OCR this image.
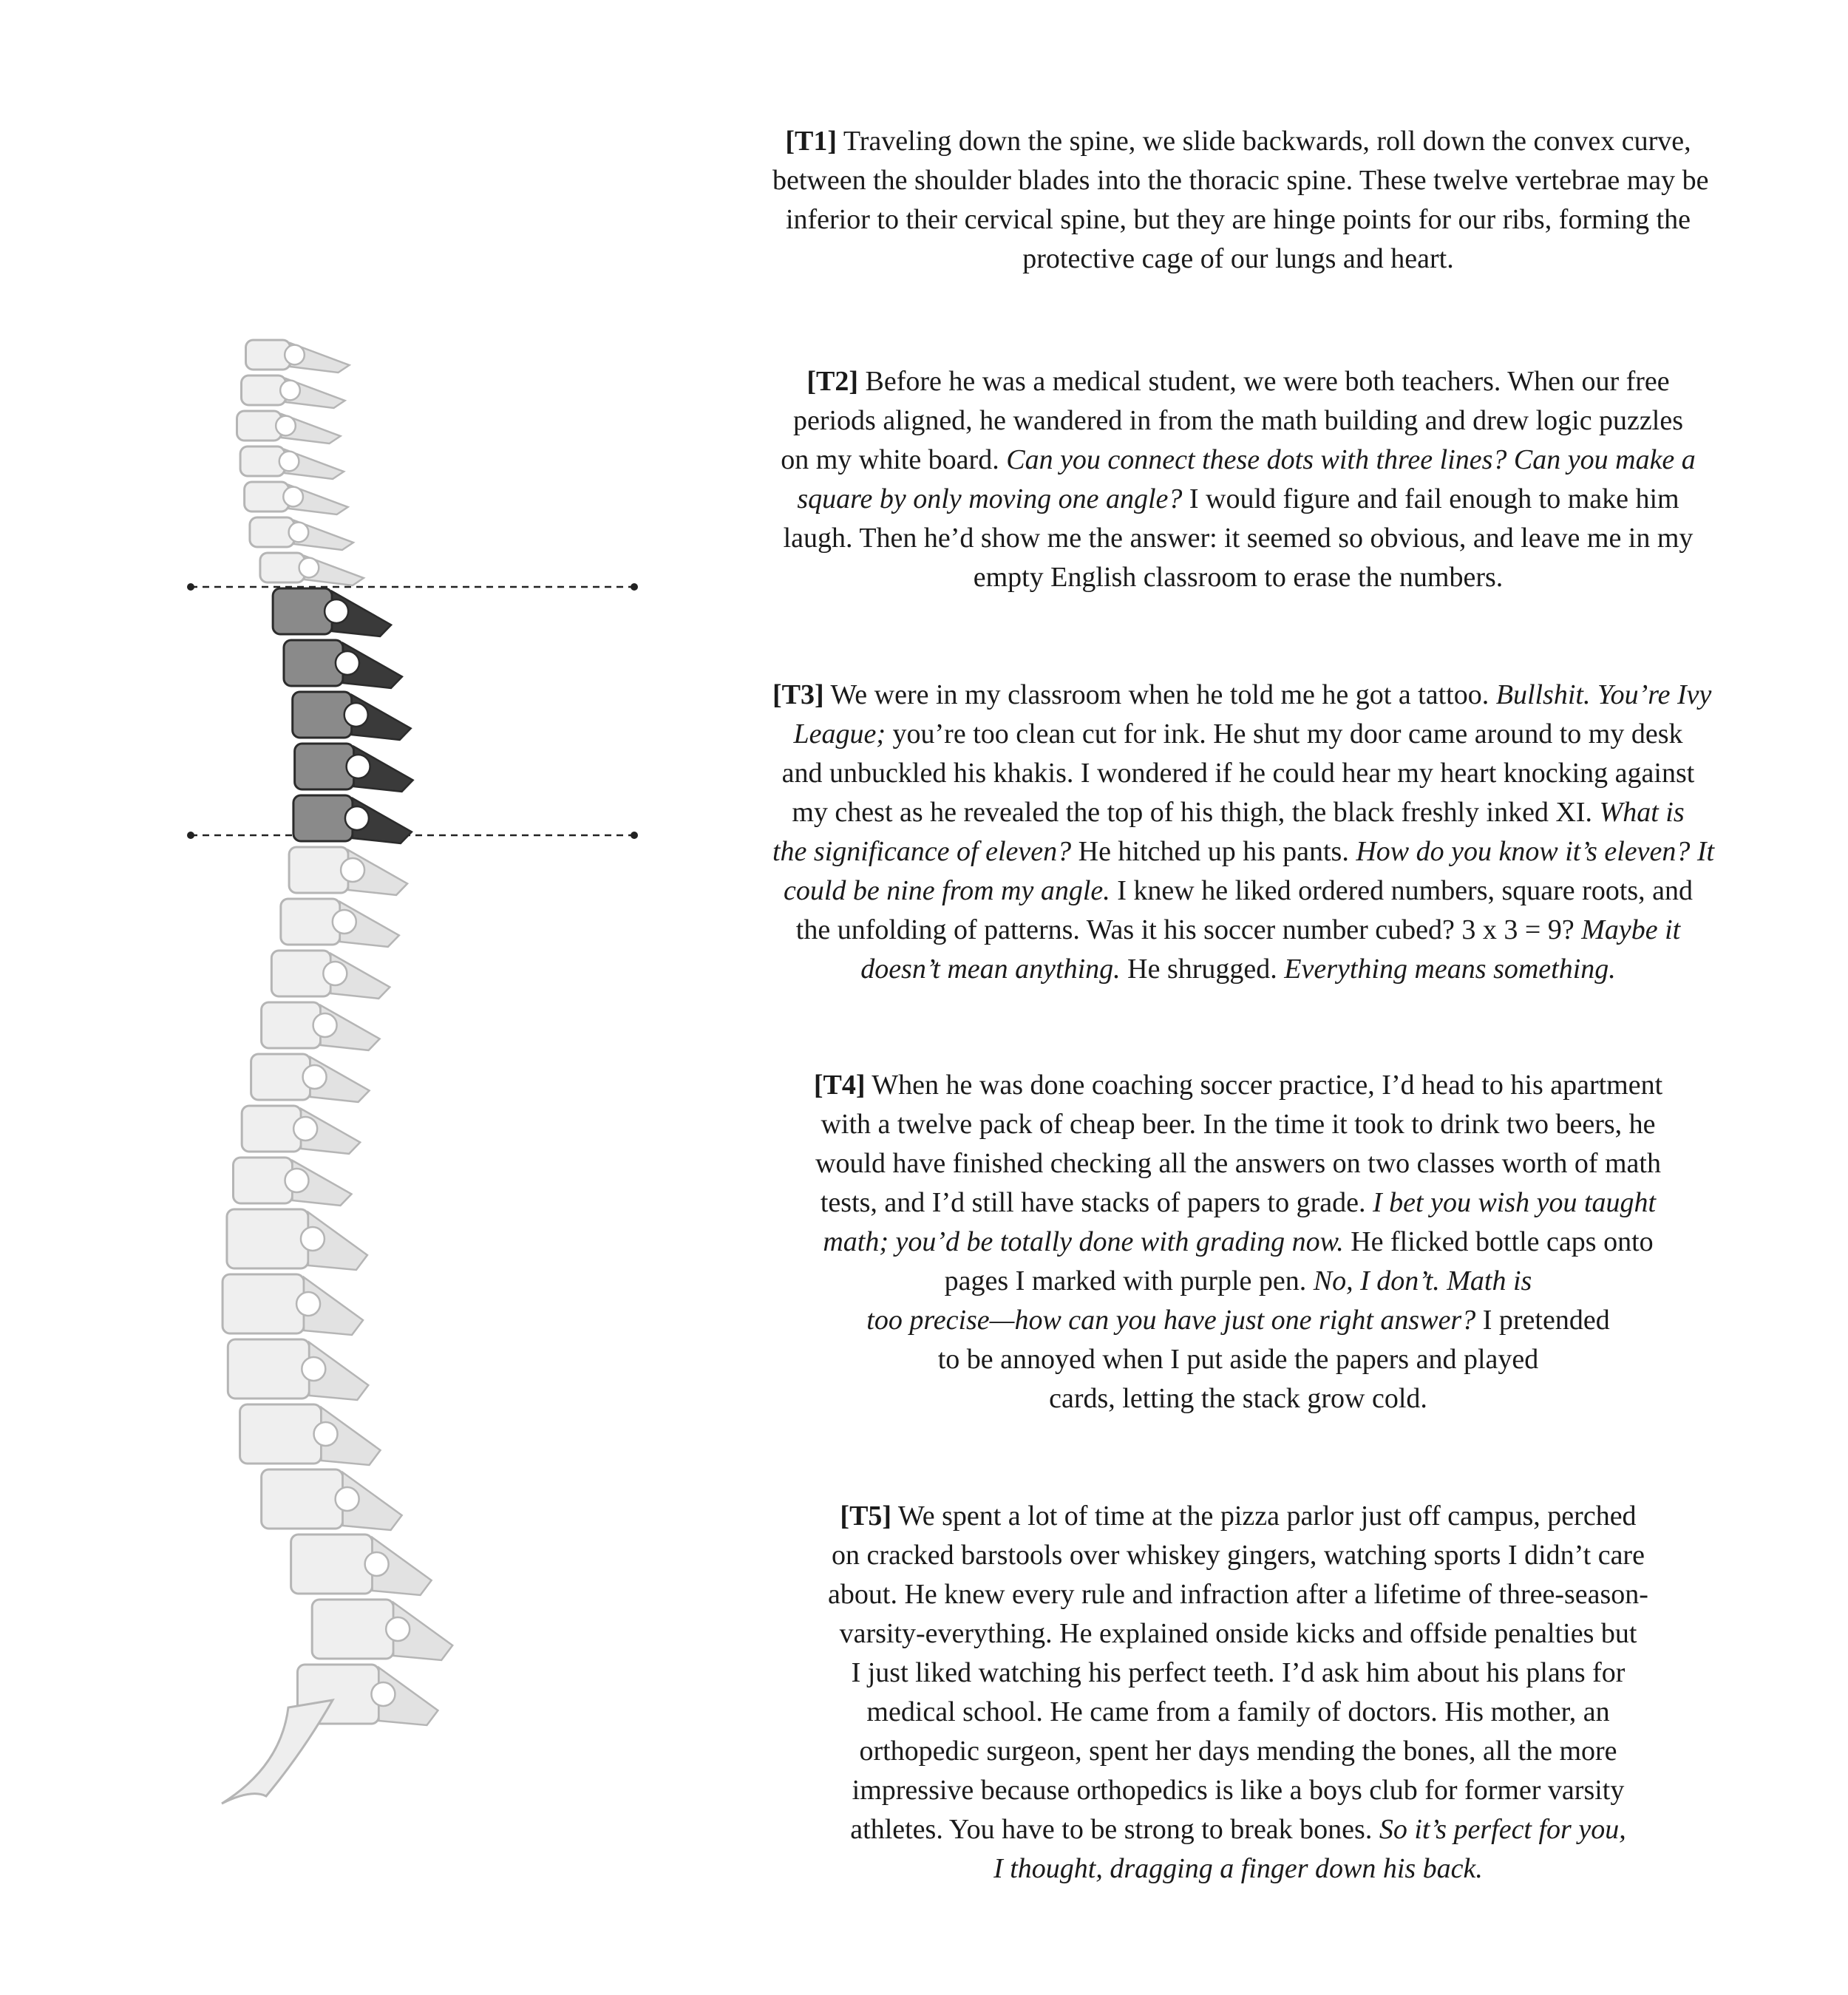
[T1] Traveling down the spine, we slide backwards, roll down the convex curve,
between the shoulder blades into the thoracic spine. These twelve vertebrae may be
inferior to their cervical spine, but they are hinge points for our ribs, forming the
protective cage of our lungs and heart.
[T2] Before he was a medical student, we were both teachers. When our free
periods aligned, he wandered in from the math building and drew logic puzzles
on my white board. Can you connect these dots with three lines? Can you make a
square by only moving one angle? I would figure and fail enough to make him
laugh. Then he’d show me the answer: it seemed so obvious, and leave me in my
empty English classroom to erase the numbers.
[T3] We were in my classroom when he told me he got a tattoo. Bullshit. You’re Ivy
League; you’re too clean cut for ink. He shut my door came around to my desk
and unbuckled his khakis. I wondered if he could hear my heart knocking against
my chest as he revealed the top of his thigh, the black freshly inked XI. What is
the significance of eleven? He hitched up his pants. How do you know it’s eleven? It
could be nine from my angle. I knew he liked ordered numbers, square roots, and
the unfolding of patterns. Was it his soccer number cubed? 3 x 3 = 9? Maybe it
doesn’t mean anything. He shrugged. Everything means something.
[T4] When he was done coaching soccer practice, I’d head to his apartment
with a twelve pack of cheap beer. In the time it took to drink two beers, he
would have finished checking all the answers on two classes worth of math
tests, and I’d still have stacks of papers to grade. I bet you wish you taught
math; you’d be totally done with grading now. He flicked bottle caps onto
pages I marked with purple pen. No, I don’t. Math is
too precise—how can you have just one right answer? I pretended
to be annoyed when I put aside the papers and played
cards, letting the stack grow cold.
[T5] We spent a lot of time at the pizza parlor just off campus, perched
on cracked barstools over whiskey gingers, watching sports I didn’t care
about. He knew every rule and infraction after a lifetime of three-season-
varsity-everything. He explained onside kicks and offside penalties but
I just liked watching his perfect teeth. I’d ask him about his plans for
medical school. He came from a family of doctors. His mother, an
orthopedic surgeon, spent her days mending the bones, all the more
impressive because orthopedics is like a boys club for former varsity
athletes. You have to be strong to break bones. So it’s perfect for you,
I thought, dragging a finger down his back.
